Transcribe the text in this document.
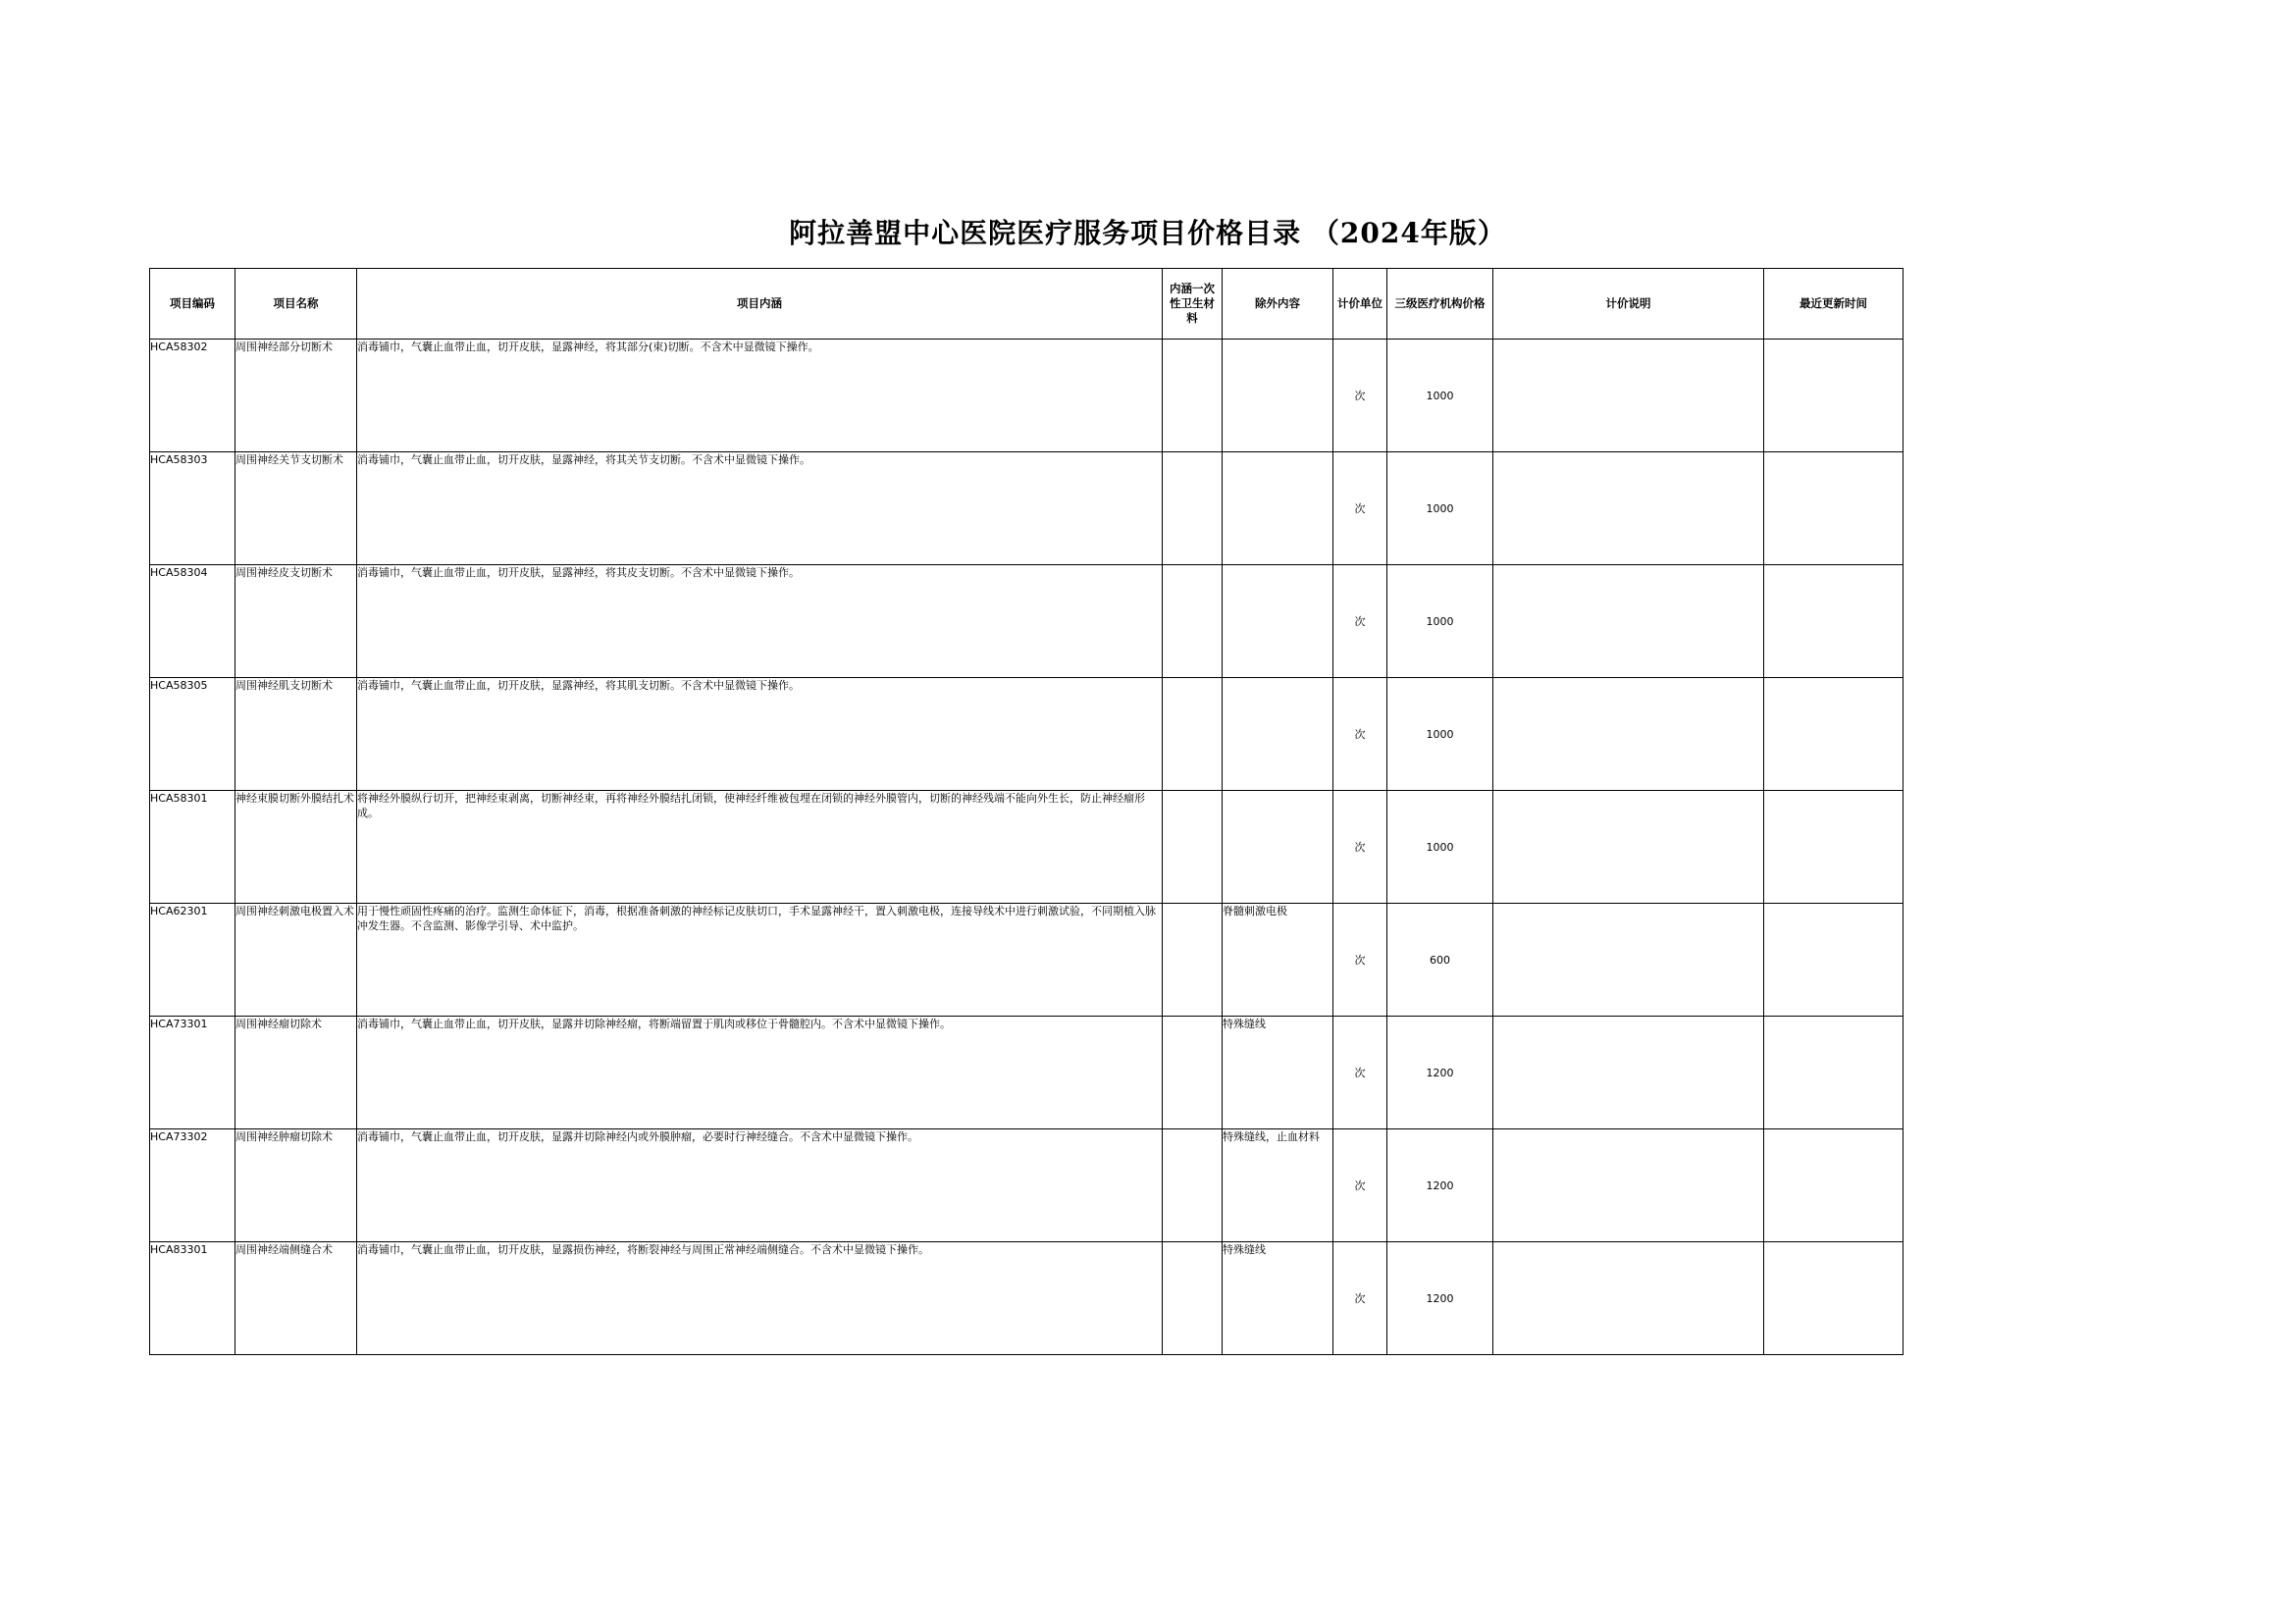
阿拉善盟中心医院医疗服务项目价格目录 （2024年版）
项目编码	项目名称	项目内涵	内涵一次性卫生材料	除外内容	计价单位	三级医疗机构价格	计价说明	最近更新时间
HCA58302	周围神经部分切断术	消毒铺巾，气囊止血带止血，切开皮肤，显露神经，将其部分(束)切断。不含术中显微镜下操作。			次	1000		
HCA58303	周围神经关节支切断术	消毒铺巾，气囊止血带止血，切开皮肤，显露神经，将其关节支切断。不含术中显微镜下操作。			次	1000		
HCA58304	周围神经皮支切断术	消毒铺巾，气囊止血带止血，切开皮肤，显露神经，将其皮支切断。不含术中显微镜下操作。			次	1000		
HCA58305	周围神经肌支切断术	消毒铺巾，气囊止血带止血，切开皮肤，显露神经，将其肌支切断。不含术中显微镜下操作。			次	1000		
HCA58301	神经束膜切断外膜结扎术	将神经外膜纵行切开，把神经束剥离，切断神经束，再将神经外膜结扎闭锁，使神经纤维被包埋在闭锁的神经外膜管内，切断的神经残端不能向外生长，防止神经瘤形成。			次	1000		
HCA62301	周围神经刺激电极置入术	用于慢性顽固性疼痛的治疗。监测生命体征下，消毒，根据准备刺激的神经标记皮肤切口，手术显露神经干，置入刺激电极，连接导线术中进行刺激试验，不同期植入脉冲发生器。不含监测、影像学引导、术中监护。		脊髓刺激电极	次	600		
HCA73301	周围神经瘤切除术	消毒铺巾，气囊止血带止血，切开皮肤，显露并切除神经瘤，将断端留置于肌肉或移位于骨髓腔内。不含术中显微镜下操作。		特殊缝线	次	1200		
HCA73302	周围神经肿瘤切除术	消毒铺巾，气囊止血带止血，切开皮肤，显露并切除神经内或外膜肿瘤，必要时行神经缝合。不含术中显微镜下操作。		特殊缝线，止血材料	次	1200		
HCA83301	周围神经端侧缝合术	消毒铺巾，气囊止血带止血，切开皮肤，显露损伤神经，将断裂神经与周围正常神经端侧缝合。不含术中显微镜下操作。		特殊缝线	次	1200		
